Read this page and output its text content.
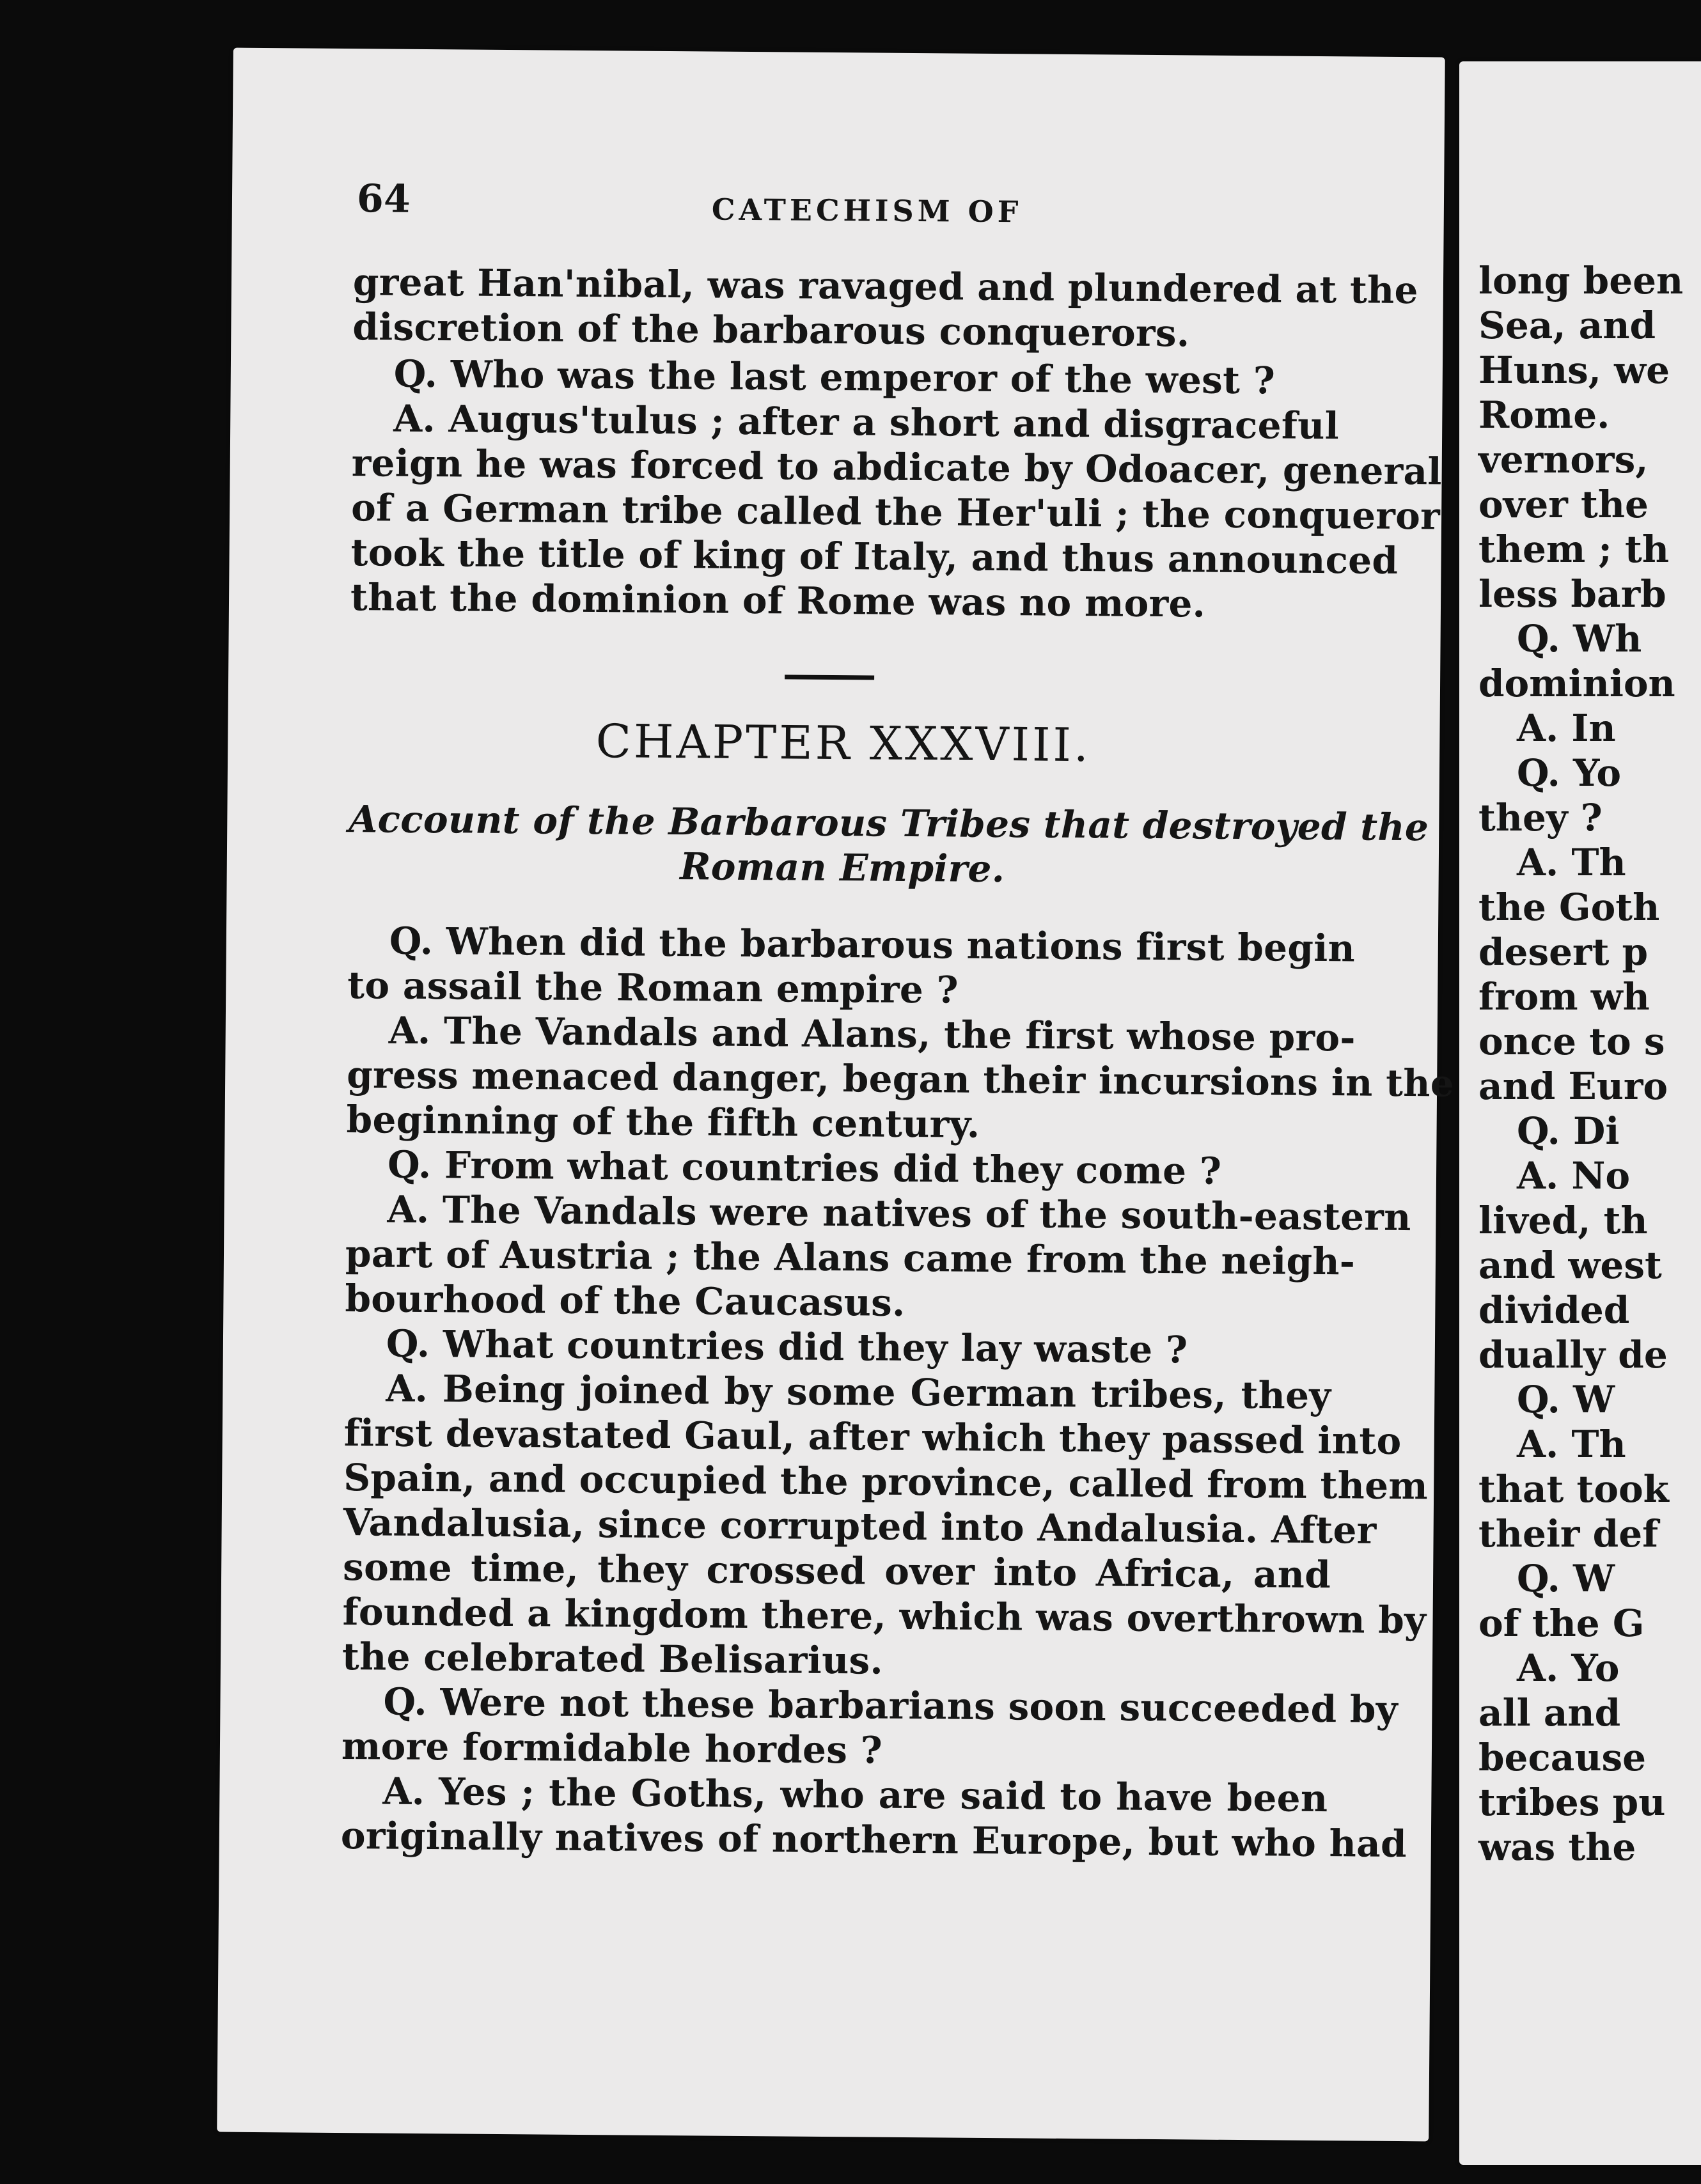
64	CATECHISM OF
great Han'nibal, was ravaged and plundered at the
discretion of the barbarous conquerors.
Q. Who was the last emperor of the west ?
A. Augus'tulus ; after a short and disgraceful
reign he was forced to abdicate by Odoacer, general
of a German tribe called the Her'uli ; the conqueror
took the title of king of Italy, and thus announced
that the dominion of Rome was no more.
CHAPTER XXXVIII.
Account of the Barbarous Tribes that destroyed the
Roman Empire.
Q. When did the barbarous nations first begin
to assail the Roman empire ?
A. The Vandals and Alans, the first whose pro-
gress menaced danger, began their incursions in the
beginning of the fifth century.
Q. From what countries did they come ?
A. The Vandals were natives of the south-eastern
part of Austria ; the Alans came from the neigh-
bourhood of the Caucasus.
Q. What countries did they lay waste ?
A. Being joined by some German tribes, they
first devastated Gaul, after which they passed into
Spain, and occupied the province, called from them
Vandalusia, since corrupted into Andalusia. After
some time, they crossed over into Africa, and
founded a kingdom there, which was overthrown by
the celebrated Belisarius.
Q. Were not these barbarians soon succeeded by
more formidable hordes ?
A. Yes ; the Goths, who are said to have been
originally natives of northern Europe, but who had
long been
Sea, and
Huns, we
Rome.
vernors,
over the
them ; th
less barb
Q. Wh
dominion
A. In
Q. Yo
they ?
A. Th
the Goth
desert p
from wh
once to s
and Euro
Q. Di
A. No
lived, th
and west
divided
dually de
Q. W
A. Th
that took
their def
Q. W
of the G
A. Yo
all and
because
tribes pu
was the
